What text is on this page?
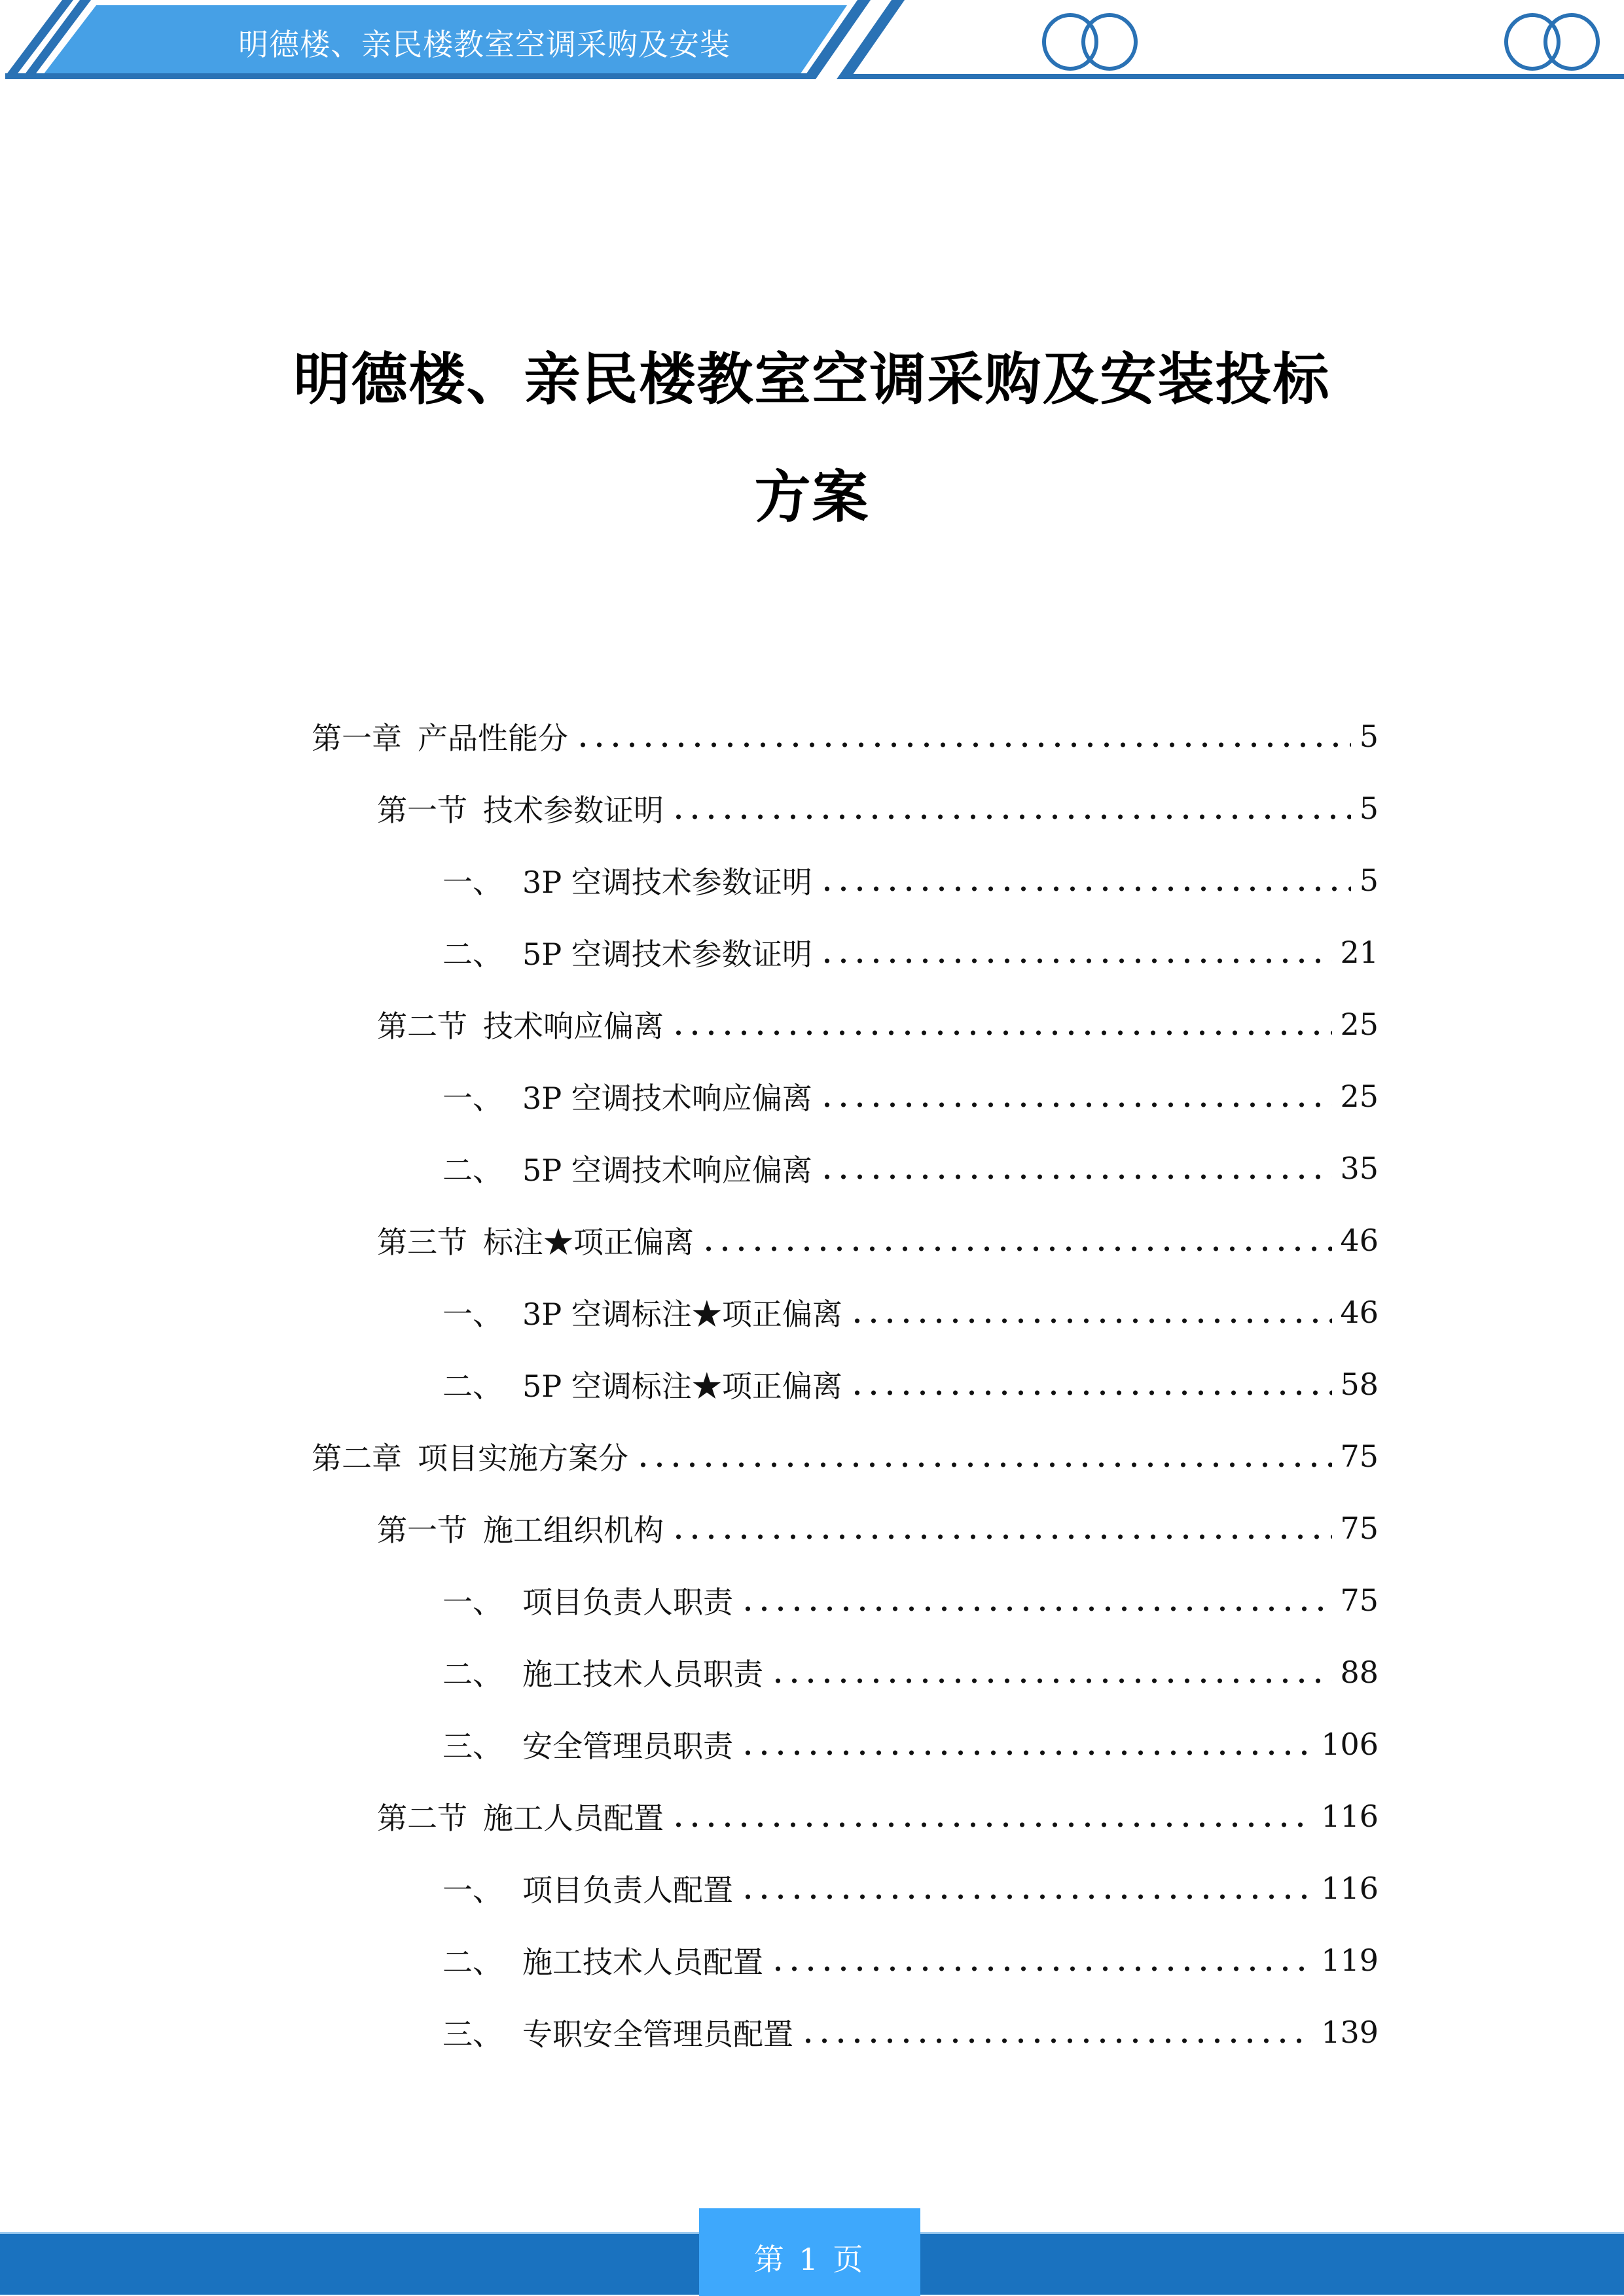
明德楼、亲民楼教室空调采购及安装
明德楼、亲民楼教室空调采购及安装投标
方案
第一章 产品性能分	5
第一节 技术参数证明	5
一、 3P 空调技术参数证明	5
二、 5P 空调技术参数证明	21
第二节 技术响应偏离	25
一、 3P 空调技术响应偏离	25
二、 5P 空调技术响应偏离	35
第三节 标注★项正偏离	46
一、 3P 空调标注★项正偏离	46
二、 5P 空调标注★项正偏离	58
第二章 项目实施方案分	75
第一节 施工组织机构	75
一、 项目负责人职责	75
二、 施工技术人员职责	88
三、 安全管理员职责	106
第二节 施工人员配置	116
一、 项目负责人配置	116
二、 施工技术人员配置	119
三、 专职安全管理员配置	139
第 1 页
